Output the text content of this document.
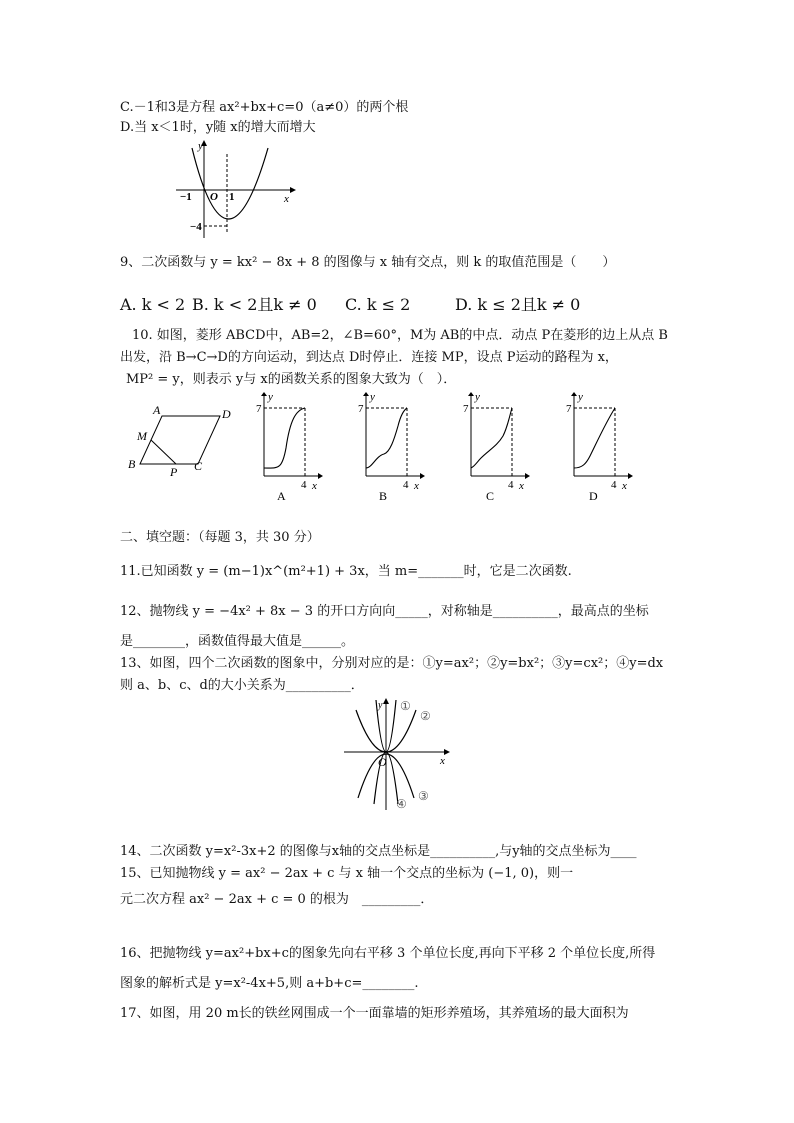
C.－1和3是方程 ax²+bx+c=0（a≠0）的两个根
D.当 x＜1时，y随 x的增大而增大
y
x
O
−1	1
−4
9、二次函数与 y = kx² − 8x + 8 的图像与 x 轴有交点，则 k 的取值范围是（　　）
A. k < 2 B. k < 2且k ≠ 0 C. k ≤ 2	D. k ≤ 2且k ≠ 0
10. 如图，菱形 ABCD中，AB=2，∠B=60°，M为 AB的中点．动点 P在菱形的边上从点 B
出发，沿 B→C→D的方向运动，到达点 D时停止．连接 MP，设点 P运动的路程为 x，
MP² = y，则表示 y与 x的函数关系的图象大致为（　）．
A	D
M
B
P C
y
7
4 x
A
y
7
4 x
B
y
7
4 x
C
y
7
4 x
D
二、填空题：（每题 3，共 30 分）
11.已知函数 y = (m−1)x^(m²+1) + 3x，当 m=_______时，它是二次函数.
12、抛物线 y = −4x² + 8x − 3 的开口方向向_____，对称轴是__________，最高点的坐标
是________，函数值得最大值是______。
13、如图，四个二次函数的图象中，分别对应的是：①y=ax²；②y=bx²；③y=cx²；④y=dx
则 a、b、c、d的大小关系为__________．
y
x
O
①
②
③
④
14、二次函数 y=x²-3x+2 的图像与x轴的交点坐标是__________,与y轴的交点坐标为____
15、已知抛物线 y = ax² − 2ax + c 与 x 轴一个交点的坐标为 (−1, 0)，则一
元二次方程 ax² − 2ax + c = 0 的根为　_________．
16、把抛物线 y=ax²+bx+c的图象先向右平移 3 个单位长度,再向下平移 2 个单位长度,所得
图象的解析式是 y=x²-4x+5,则 a+b+c=________.
17、如图，用 20 m长的铁丝网围成一个一面靠墙的矩形养殖场，其养殖场的最大面积为
